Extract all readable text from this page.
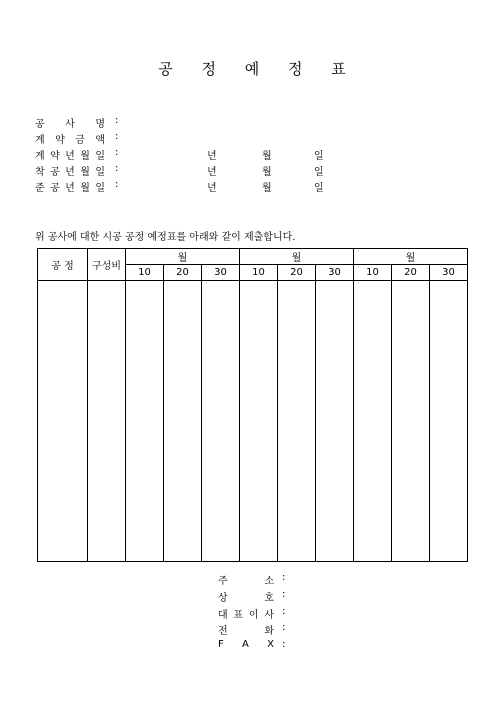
공 정 예 정 표
공 사 명 :
계 약 금 액 :
계 약 년 월 일 :	년	월	일
착 공 년 월 일 :	년	월	일
준 공 년 월 일 :	년	월	일
위 공사에 대한 시공 공정 예정표를 아래와 같이 제출합니다.
공 정	구성비	월			월			월		
		10	20	30	10	20	30	10	20	30

주	소 :
상	호 :
대 표 이 사 :
전	화 :
F A X :
